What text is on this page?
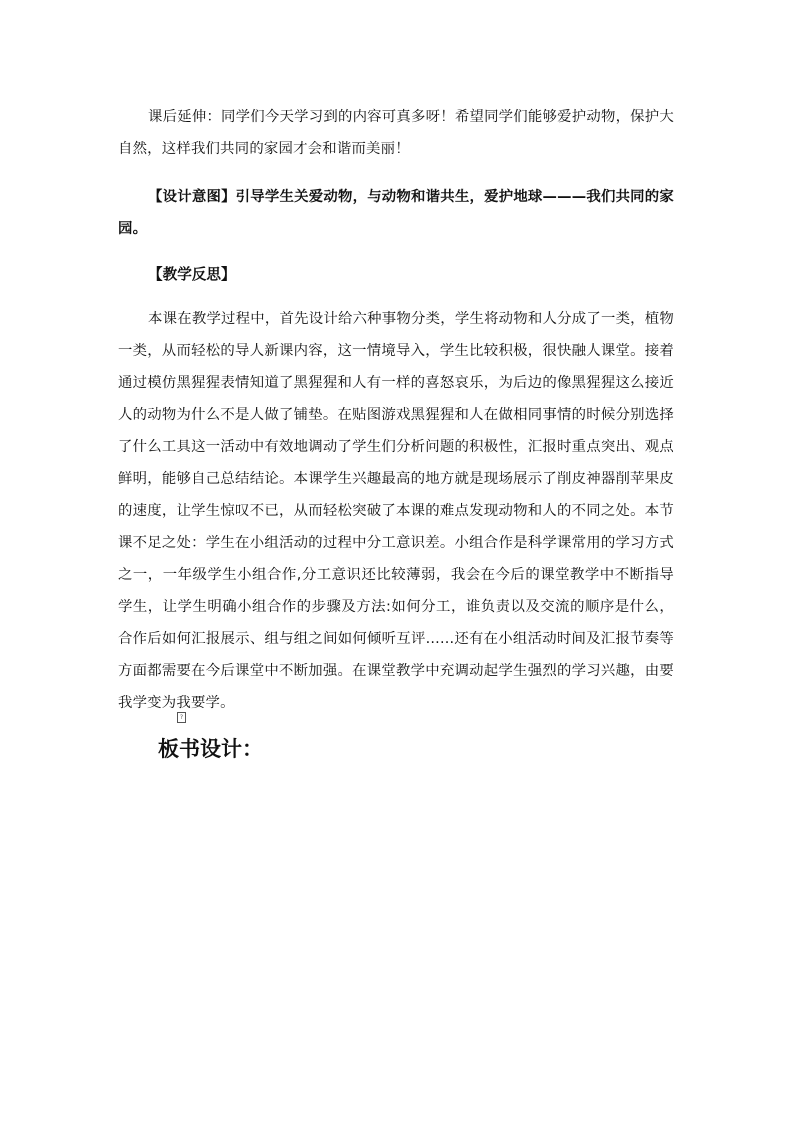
课后延伸：同学们今天学习到的内容可真多呀！希望同学们能够爱护动物，保护大自然，这样我们共同的家园才会和谐而美丽！

【设计意图】引导学生关爱动物，与动物和谐共生，爱护地球———我们共同的家园。

【教学反思】

本课在教学过程中，首先设计给六种事物分类，学生将动物和人分成了一类，植物一类，从而轻松的导人新课内容，这一情境导入，学生比较积极，很快融人课堂。接着通过模仿黑猩猩表情知道了黑猩猩和人有一样的喜怒哀乐，为后边的像黑猩猩这么接近人的动物为什么不是人做了铺垫。在贴图游戏黑猩猩和人在做相同事情的时候分别选择了什么工具这一活动中有效地调动了学生们分析问题的积极性，汇报时重点突出、观点鲜明，能够自己总结结论。本课学生兴趣最高的地方就是现场展示了削皮神器削苹果皮的速度，让学生惊叹不已，从而轻松突破了本课的难点发现动物和人的不同之处。本节课不足之处：学生在小组活动的过程中分工意识差。小组合作是科学课常用的学习方式之一，一年级学生小组合作,分工意识还比较薄弱，我会在今后的课堂教学中不断指导学生，让学生明确小组合作的步骤及方法:如何分工，谁负责以及交流的顺序是什么，合作后如何汇报展示、组与组之间如何倾听互评......还有在小组活动时间及汇报节奏等方面都需要在今后课堂中不断加强。在课堂教学中充调动起学生强烈的学习兴趣，由要我学变为我要学。

?

板书设计：
